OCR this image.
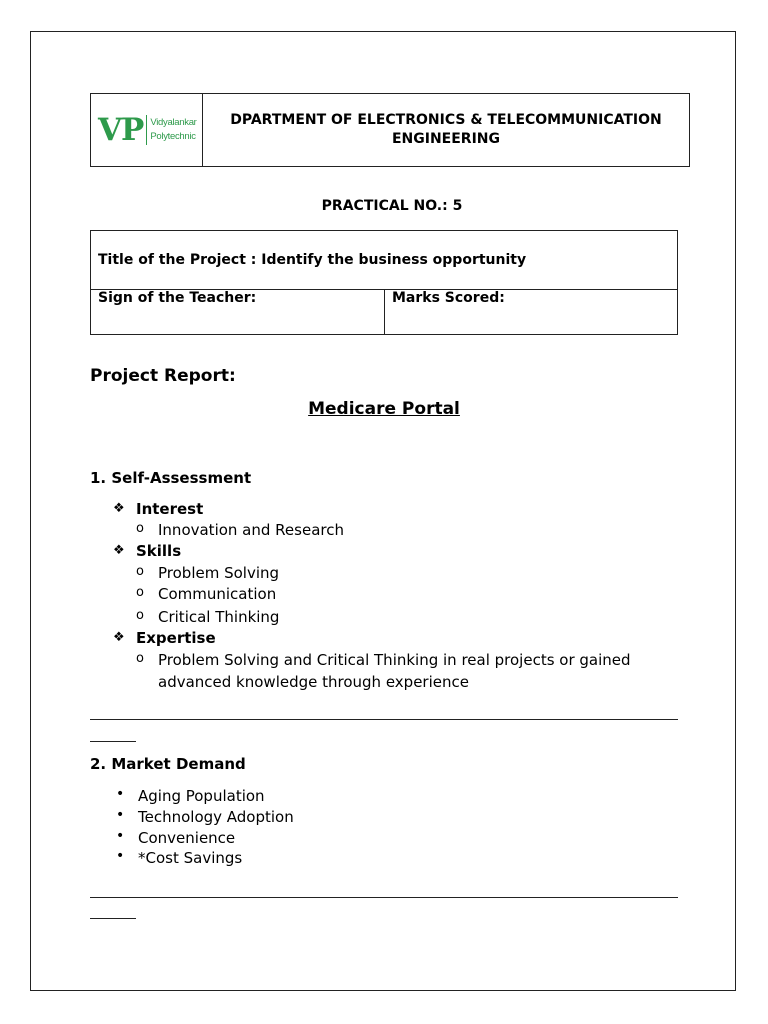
VP Vidyalankar
Polytechnic
DPARTMENT OF ELECTRONICS & TELECOMMUNICATION
ENGINEERING
PRACTICAL NO.: 5
Title of the Project : Identify the business opportunity
Sign of the Teacher:	Marks Scored:
Project Report:
Medicare Portal
1. Self-Assessment
❖ Interest
o Innovation and Research
❖ Skills
o Problem Solving
o Communication
o Critical Thinking
❖ Expertise
o Problem Solving and Critical Thinking in real projects or gained
advanced knowledge through experience
2. Market Demand
• Aging Population
• Technology Adoption
• Convenience
• *Cost Savings
